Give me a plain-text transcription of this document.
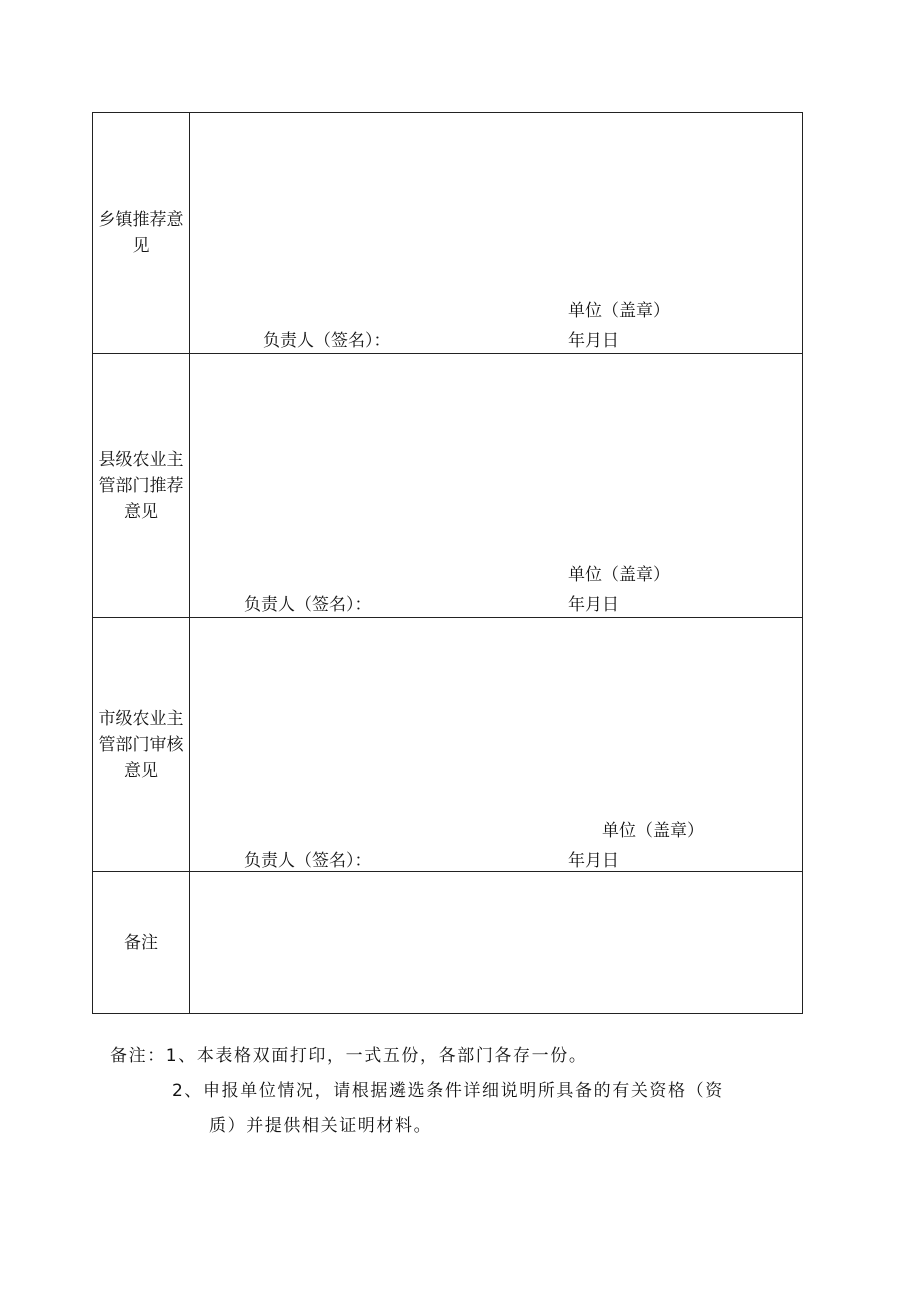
乡镇推荐意见
单位（盖章）
负责人（签名）：	年月日
县级农业主管部门推荐意见
单位（盖章）
负责人（签名）：	年月日
市级农业主管部门审核意见
单位（盖章）
负责人（签名）：	年月日
备注
备注：1、本表格双面打印，一式五份，各部门各存一份。
2、申报单位情况，请根据遴选条件详细说明所具备的有关资格（资
质）并提供相关证明材料。
